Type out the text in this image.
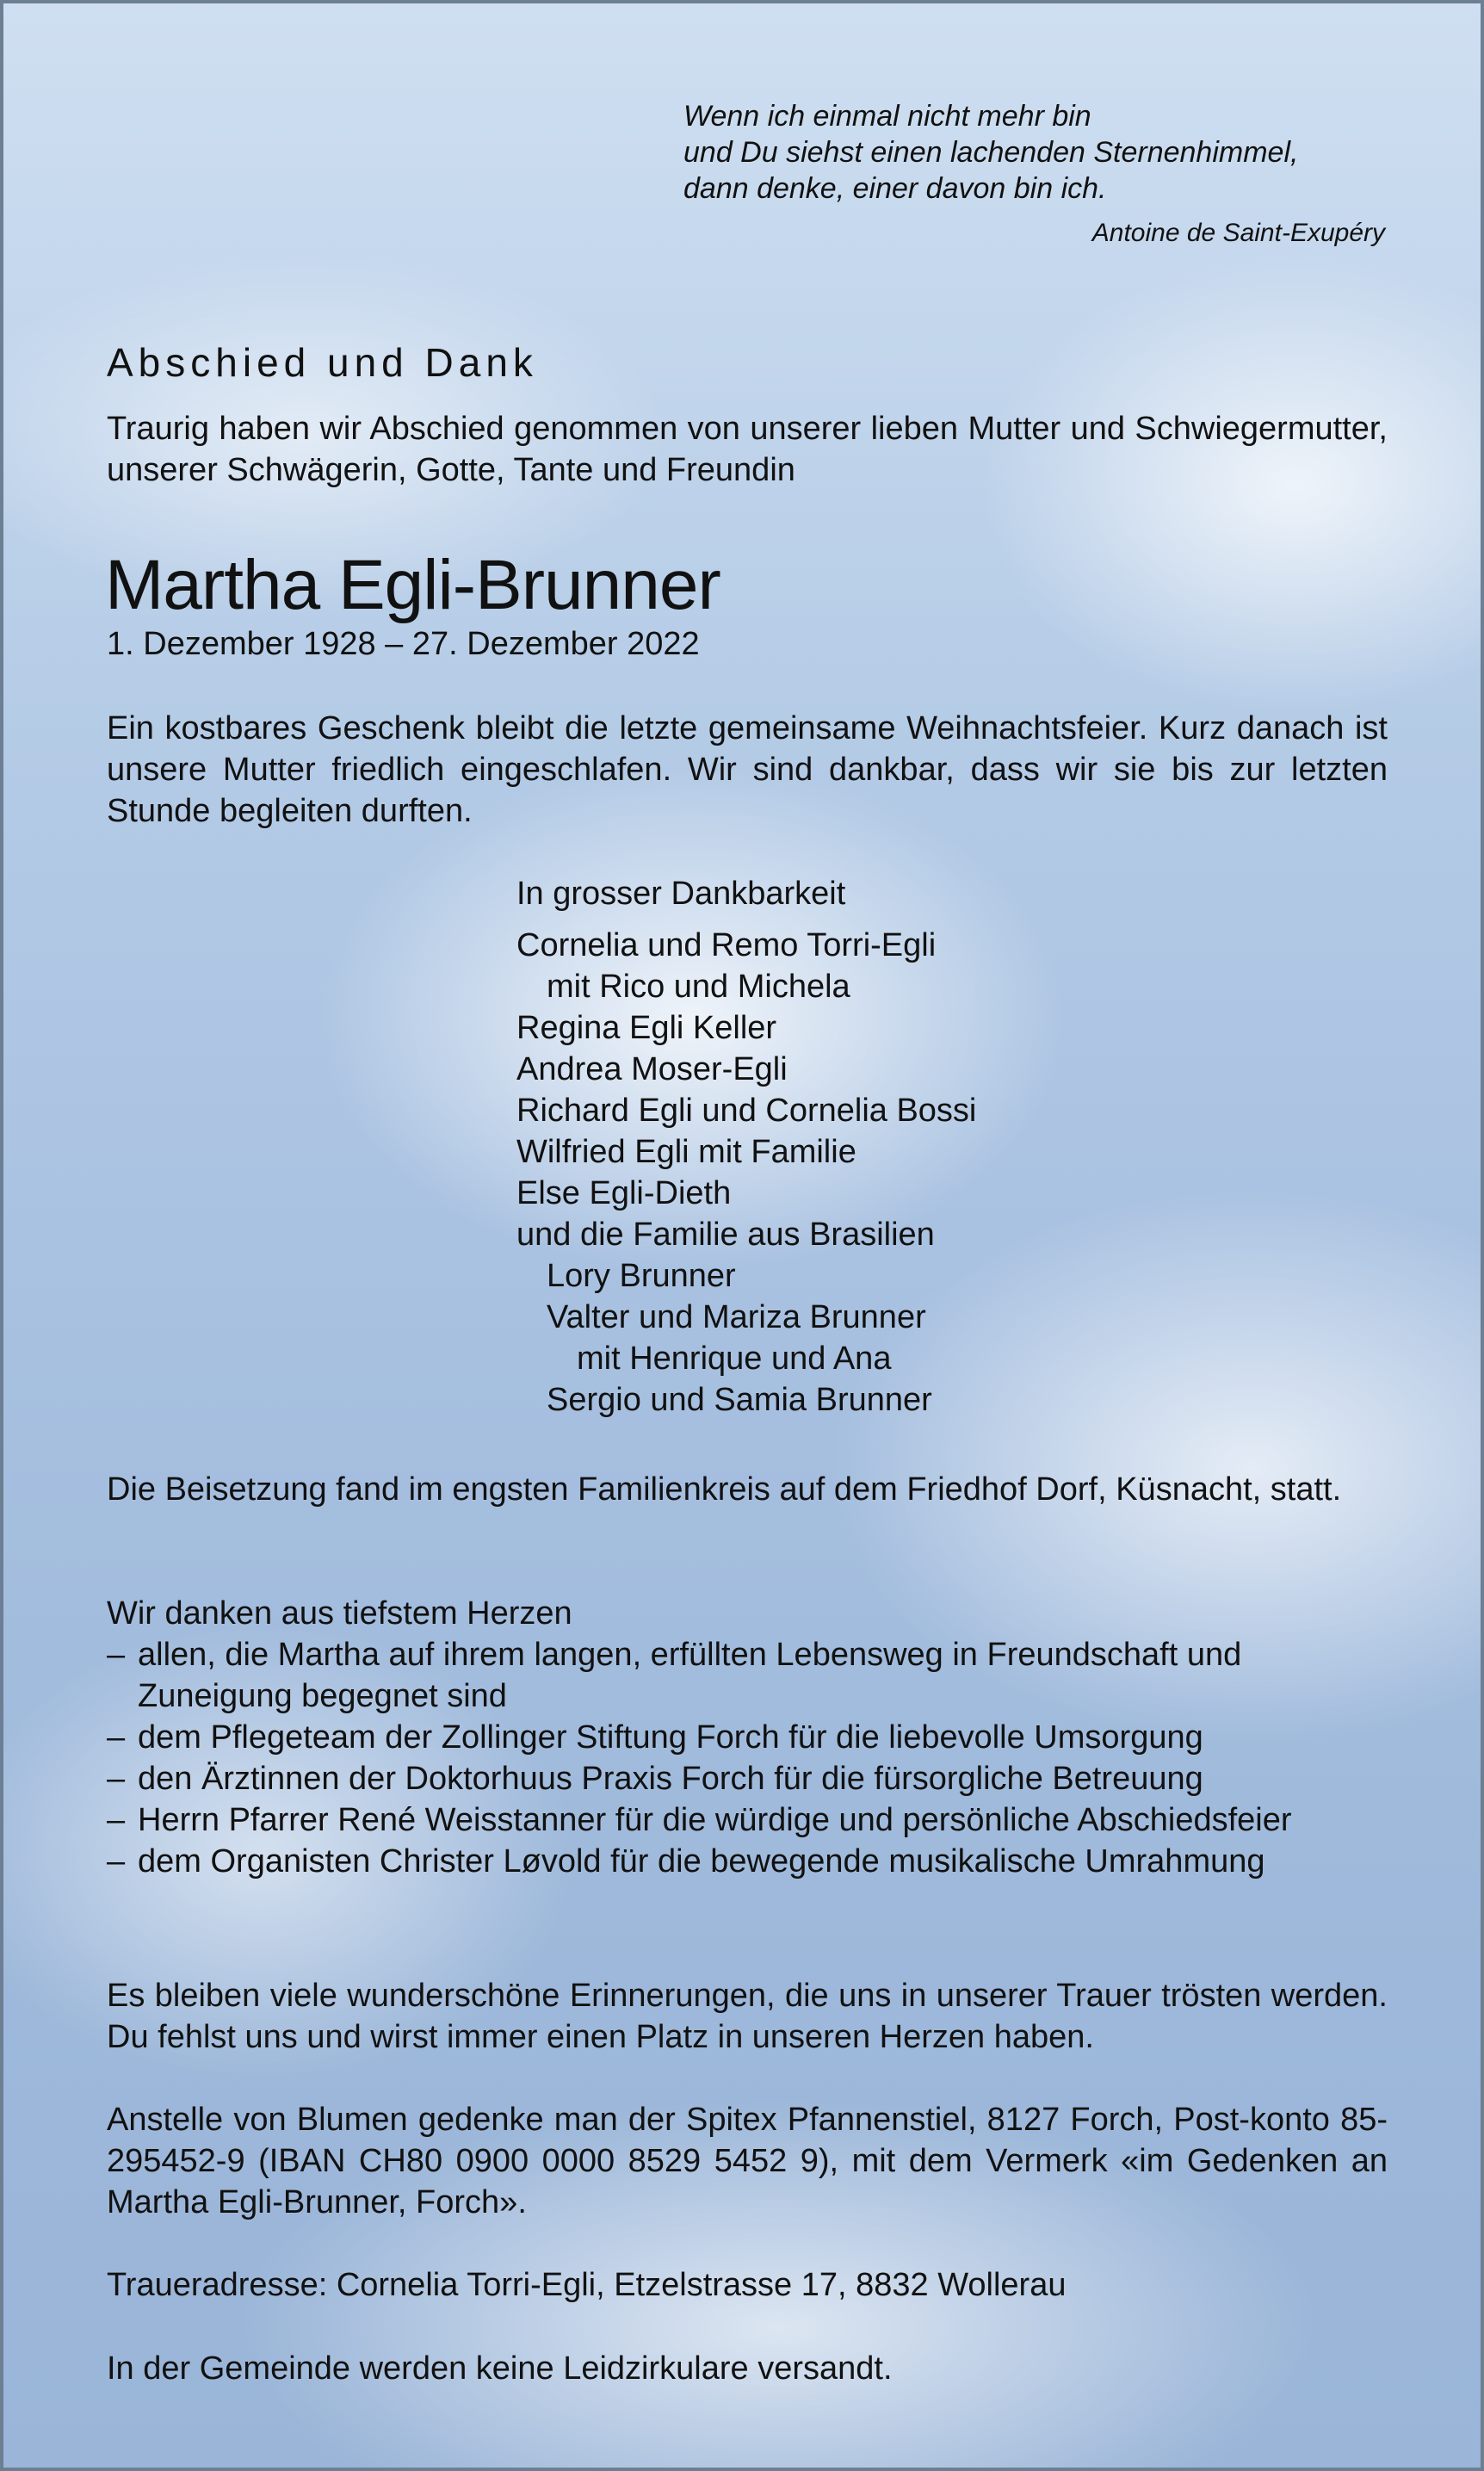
Wenn ich einmal nicht mehr bin

und Du siehst einen lachenden Sternenhimmel,

dann denke, einer davon bin ich.

Antoine de Saint-Exupéry

Abschied und Dank
Traurig haben wir Abschied genommen von unserer lieben Mutter und Schwiegermutter, unserer Schwägerin, Gotte, Tante und Freundin
Martha Egli-Brunner
1. Dezember 1928 – 27. Dezember 2022
Ein kostbares Geschenk bleibt die letzte gemeinsame Weihnachtsfeier. Kurz danach ist unsere Mutter friedlich eingeschlafen. Wir sind dankbar, dass wir sie bis zur letzten Stunde begleiten durften.
In grosser Dankbarkeit
Cornelia und Remo Torri-Egli
mit Rico und Michela
Regina Egli Keller
Andrea Moser-Egli
Richard Egli und Cornelia Bossi
Wilfried Egli mit Familie
Else Egli-Dieth
und die Familie aus Brasilien
Lory Brunner
Valter und Mariza Brunner
mit Henrique und Ana
Sergio und Samia Brunner
Die Beisetzung fand im engsten Familienkreis auf dem Friedhof Dorf, Küsnacht, statt.
Wir danken aus tiefstem Herzen
– allen, die Martha auf ihrem langen, erfüllten Lebensweg in Freundschaft und Zuneigung begegnet sind
– dem Pflegeteam der Zollinger Stiftung Forch für die liebevolle Umsorgung
– den Ärztinnen der Doktorhuus Praxis Forch für die fürsorgliche Betreuung
– Herrn Pfarrer René Weisstanner für die würdige und persönliche Abschiedsfeier
– dem Organisten Christer Løvold für die bewegende musikalische Umrahmung
Es bleiben viele wunderschöne Erinnerungen, die uns in unserer Trauer trösten werden. Du fehlst uns und wirst immer einen Platz in unseren Herzen haben.
Anstelle von Blumen gedenke man der Spitex Pfannenstiel, 8127 Forch, Post-konto 85-295452-9 (IBAN CH80 0900 0000 8529 5452 9), mit dem Vermerk «im Gedenken an Martha Egli-Brunner, Forch».
Traueradresse: Cornelia Torri-Egli, Etzelstrasse 17, 8832 Wollerau
In der Gemeinde werden keine Leidzirkulare versandt.
